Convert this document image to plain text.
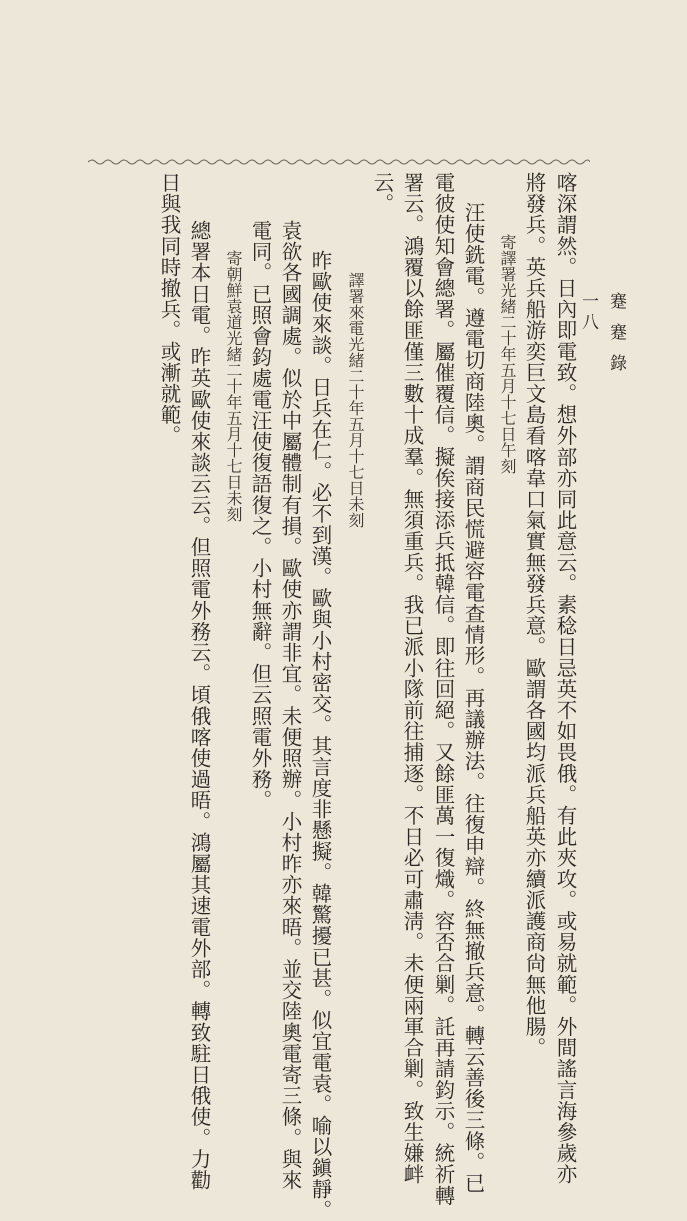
蹇蹇錄
一八
喀深謂然。日內即電致。想外部亦同此意云。素稔日忌英不如畏俄。有此夾攻。或易就範。外間謠言海參歲亦
將發兵。英兵船游奕巨文島看喀韋口氣實無發兵意。歐謂各國均派兵船英亦續派護商尙無他腸。
寄譯署光緒二十年五月十七日午刻
汪使銑電。遵電切商陸奧。謂商民慌避容電查情形。再議辦法。往復申辯。終無撤兵意。轉云善後三條。已
電彼使知會總署。屬催覆信。擬俟接添兵抵韓信。即往回絕。又餘匪萬一復熾。容否合剿。託再請鈞示。統祈轉
署云。鴻覆以餘匪僅三數十成羣。無須重兵。我已派小隊前往捕逐。不日必可肅淸。未便兩軍合剿。致生嫌衅
云。
譯署來電光緒二十年五月十七日未刻
昨歐使來談。日兵在仁。必不到漢。歐與小村密交。其言度非懸擬。韓驚擾已甚。似宜電袁。喻以鎭靜。
袁欲各國調處。似於中屬體制有損。歐使亦謂非宜。未便照辦。小村昨亦來晤。並交陸奧電寄三條。與來
電同。已照會鈞處電汪使復語復之。小村無辭。但云照電外務。
寄朝鮮袁道光緒二十年五月十七日未刻
總署本日電。昨英歐使來談云云。但照電外務云。頃俄喀使過晤。鴻屬其速電外部。轉致駐日俄使。力勸
日與我同時撤兵。或漸就範。
